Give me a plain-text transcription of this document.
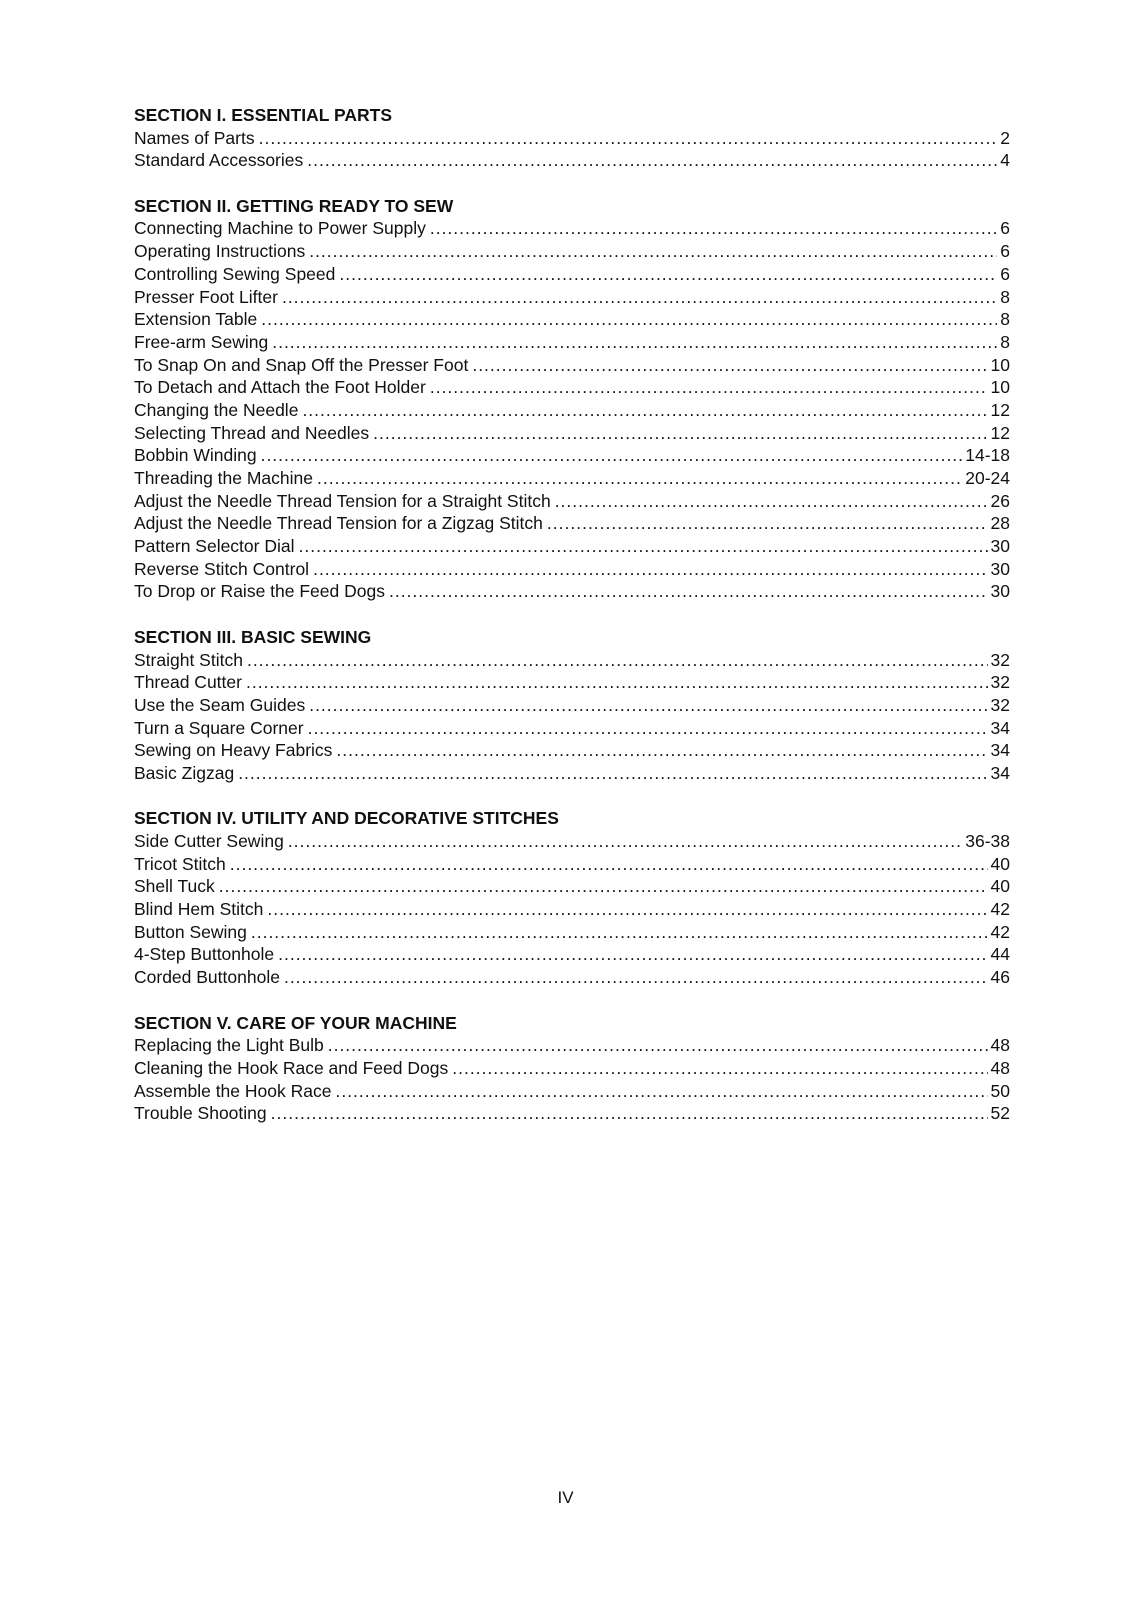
SECTION I. ESSENTIAL PARTS
Names of Parts .....	2
Standard Accessories .....	4
SECTION II. GETTING READY TO SEW
Connecting Machine to Power Supply .....	6
Operating Instructions .....	6
Controlling Sewing Speed .....	6
Presser Foot Lifter .....	8
Extension Table .....	8
Free-arm Sewing .....	8
To Snap On and Snap Off the Presser Foot .....	10
To Detach and Attach the Foot Holder .....	10
Changing the Needle .....	12
Selecting Thread and Needles .....	12
Bobbin Winding .....	14-18
Threading the Machine .....	20-24
Adjust the Needle Thread Tension for a Straight Stitch .....	26
Adjust the Needle Thread Tension for a Zigzag Stitch .....	28
Pattern Selector Dial .....	30
Reverse Stitch Control .....	30
To Drop or Raise the Feed Dogs .....	30
SECTION III. BASIC SEWING
Straight Stitch .....	32
Thread Cutter .....	32
Use the Seam Guides .....	32
Turn a Square Corner .....	34
Sewing on Heavy Fabrics .....	34
Basic Zigzag .....	34
SECTION IV. UTILITY AND DECORATIVE STITCHES
Side Cutter Sewing .....	36-38
Tricot Stitch .....	40
Shell Tuck .....	40
Blind Hem Stitch .....	42
Button Sewing .....	42
4-Step Buttonhole .....	44
Corded Buttonhole .....	46
SECTION V. CARE OF YOUR MACHINE
Replacing the Light Bulb .....	48
Cleaning the Hook Race and Feed Dogs .....	48
Assemble the Hook Race .....	50
Trouble Shooting .....	52
IV
